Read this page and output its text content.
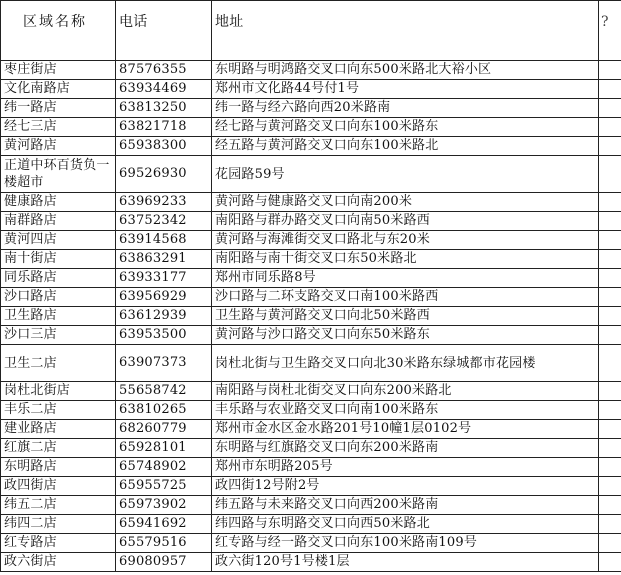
区域名称	电话	地址	?
枣庄街店	87576355	东明路与明鸿路交叉口向东500米路北大裕小区	
文化南路店	63934469	郑州市文化路44号付1号	
纬一路店	63813250	纬一路与经六路向西20米路南	
经七三店	63821718	经七路与黄河路交叉口向东100米路东	
黄河路店	65938300	经五路与黄河路交叉口向东100米路北	
正道中环百货负一楼超市	69526930	花园路59号	
健康路店	63969233	黄河路与健康路交叉口向南200米	
南群路店	63752342	南阳路与群办路交叉口向南50米路西	
黄河四店	63914568	黄河路与海滩街交叉口路北与东20米	
南十街店	63863291	南阳路与南十街交叉口东50米路北	
同乐路店	63933177	郑州市同乐路8号	
沙口路店	63956929	沙口路与二环支路交叉口南100米路西	
卫生路店	63612939	卫生路与黄河路交叉口向北50米路西	
沙口三店	63953500	黄河路与沙口路交叉口向东50米路东	
卫生二店	63907373	岗杜北街与卫生路交叉口向北30米路东绿城都市花园楼	
岗杜北街店	55658742	南阳路与岗杜北街交叉口向东200米路北	
丰乐二店	63810265	丰乐路与农业路交叉口向南100米路东	
建业路店	68260779	郑州市金水区金水路201号10幢1层0102号	
红旗二店	65928101	东明路与红旗路交叉口向东200米路南	
东明路店	65748902	郑州市东明路205号	
政四街店	65955725	政四街12号附2号	
纬五二店	65973902	纬五路与未来路交叉口向西200米路南	
纬四二店	65941692	纬四路与东明路交叉口向西50米路北	
红专路店	65579516	红专路与经一路交叉口向东100米路南109号	
政六街店	69080957	政六街120号1号楼1层	
